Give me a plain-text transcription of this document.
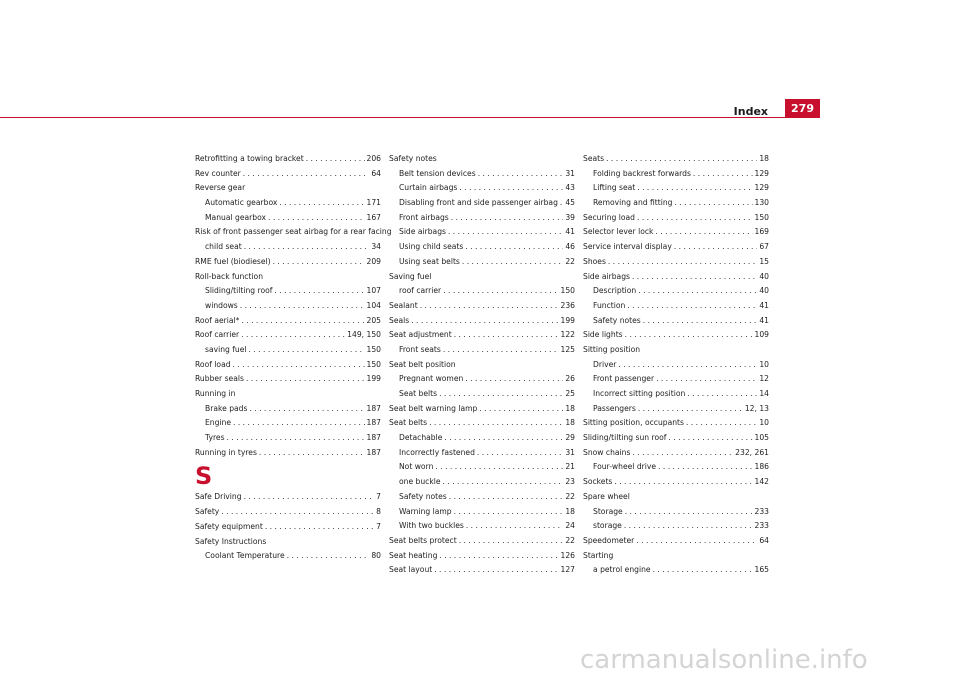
Index	279
Retrofitting a towing bracket . . .	206
Rev counter . . .	64
Reverse gear
Automatic gearbox . . .	171
Manual gearbox . . .	167
Risk of front passenger seat airbag for a rear facing
child seat . . .	34
RME fuel (biodiesel) . . .	209
Roll-back function
Sliding/tilting roof . . .	107
windows . . .	104
Roof aerial* . . .	205
Roof carrier . . .	149, 150
saving fuel . . .	150
Roof load . . .	150
Rubber seals . . .	199
Running in
Brake pads . . .	187
Engine . . .	187
Tyres . . .	187
Running in tyres . . .	187
S
Safe Driving . . .	7
Safety . . .	8
Safety equipment . . .	7
Safety Instructions
Coolant Temperature . . .	80
Safety notes
Belt tension devices . . .	31
Curtain airbags . . .	43
Disabling front and side passenger airbag . . . 45
Front airbags . . .	39
Side airbags . . .	41
Using child seats . . .	46
Using seat belts . . .	22
Saving fuel
roof carrier . . .	150
Sealant . . .	236
Seals . . .	199
Seat adjustment . . .	122
Front seats . . .	125
Seat belt position
Pregnant women . . .	26
Seat belts . . .	25
Seat belt warning lamp . . .	18
Seat belts . . .	18
Detachable . . .	29
Incorrectly fastened . . .	31
Not worn . . .	21
one buckle . . .	23
Safety notes . . .	22
Warning lamp . . .	18
With two buckles . . .	24
Seat belts protect . . .	22
Seat heating . . .	126
Seat layout . . .	127
Seats . . .	18
Folding backrest forwards . . .	129
Lifting seat . . .	129
Removing and fitting . . .	130
Securing load . . .	150
Selector lever lock . . .	169
Service interval display . . .	67
Shoes . . .	15
Side airbags . . .	40
Description . . .	40
Function . . .	41
Safety notes . . .	41
Side lights . . .	109
Sitting position
Driver . . .	10
Front passenger . . .	12
Incorrect sitting position . . .	14
Passengers . . .	12, 13
Sitting position, occupants . . .	10
Sliding/tilting sun roof . . .	105
Snow chains . . .	232, 261
Four-wheel drive . . .	186
Sockets . . .	142
Spare wheel
Storage . . .	233
storage . . .	233
Speedometer . . .	64
Starting
a petrol engine . . .	165
carmanualsonline.info
